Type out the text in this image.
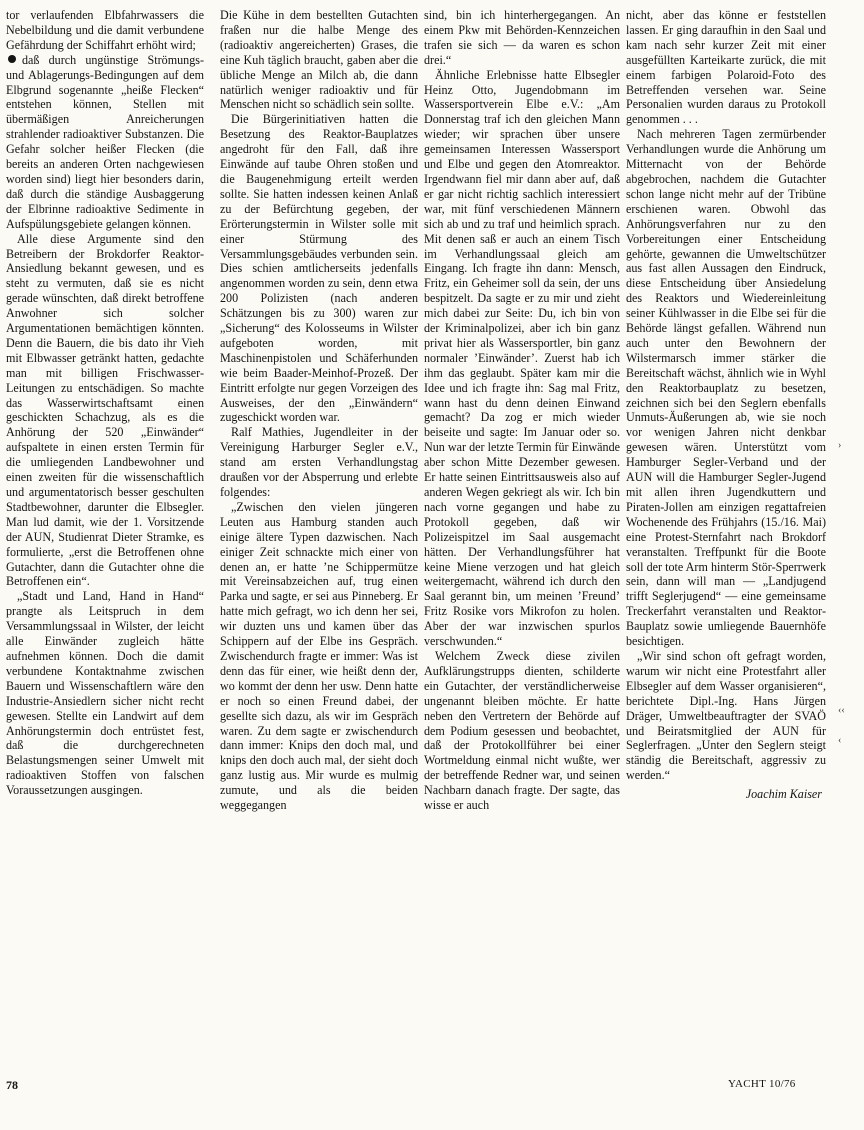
tor verlaufenden Elbfahrwassers die Nebelbildung und die damit verbundene Gefährdung der Schiffahrt erhöht wird;

daß durch ungünstige Strömungs- und Ablagerungs-Bedingungen auf dem Elbgrund sogenannte „heiße Flecken“ entstehen können, Stellen mit übermäßigen Anreicherungen strahlender radioaktiver Substanzen. Die Gefahr solcher heißer Flecken (die bereits an anderen Orten nachgewiesen worden sind) liegt hier besonders darin, daß durch die ständige Ausbaggerung der Elbrinne radioaktive Sedimente in Aufspülungsgebiete gelangen können.

Alle diese Argumente sind den Betreibern der Brokdorfer Reaktor-Ansiedlung bekannt gewesen, und es steht zu vermuten, daß sie es nicht gerade wünschten, daß direkt betroffene Anwohner sich solcher Argumentationen bemächtigen könnten. Denn die Bauern, die bis dato ihr Vieh mit Elbwasser getränkt hatten, gedachte man mit billigen Frischwasser-Leitungen zu entschädigen. So machte das Wasserwirtschaftsamt einen geschickten Schachzug, als es die Anhörung der 520 „Einwänder“ aufspaltete in einen ersten Termin für die umliegenden Landbewohner und einen zweiten für die wissenschaftlich und argumentatorisch besser geschulten Stadtbewohner, darunter die Elbsegler. Man lud damit, wie der 1. Vorsitzende der AUN, Studienrat Dieter Stramke, es formulierte, „erst die Betroffenen ohne Gutachter, dann die Gutachter ohne die Betroffenen ein“.

„Stadt und Land, Hand in Hand“ prangte als Leitspruch in dem Versammlungssaal in Wilster, der leicht alle Einwänder zugleich hätte aufnehmen können. Doch die damit verbundene Kontaktnahme zwischen Bauern und Wissenschaftlern wäre den Industrie-Ansiedlern sicher nicht recht gewesen. Stellte ein Landwirt auf dem Anhörungstermin doch entrüstet fest, daß die durchgerechneten Belastungsmengen seiner Umwelt mit radioaktiven Stoffen von falschen Voraussetzungen ausgingen.

Die Kühe in dem bestellten Gutachten fraßen nur die halbe Menge des (radioaktiv angereicherten) Grases, die eine Kuh täglich braucht, gaben aber die übliche Menge an Milch ab, die dann natürlich weniger radioaktiv und für Menschen nicht so schädlich sein sollte.

Die Bürgerinitiativen hatten die Besetzung des Reaktor-Bauplatzes angedroht für den Fall, daß ihre Einwände auf taube Ohren stoßen und die Baugenehmigung erteilt werden sollte. Sie hatten indessen keinen Anlaß zu der Befürchtung gegeben, der Erörterungstermin in Wilster solle mit einer Stürmung des Versammlungsgebäudes verbunden sein. Dies schien amtlicherseits jedenfalls angenommen worden zu sein, denn etwa 200 Polizisten (nach anderen Schätzungen bis zu 300) waren zur „Sicherung“ des Kolosseums in Wilster aufgeboten worden, mit Maschinenpistolen und Schäferhunden wie beim Baader-Meinhof-Prozeß. Der Eintritt erfolgte nur gegen Vorzeigen des Ausweises, der den „Einwändern“ zugeschickt worden war.

Ralf Mathies, Jugendleiter in der Vereinigung Harburger Segler e.V., stand am ersten Verhandlungstag draußen vor der Absperrung und erlebte folgendes:

„Zwischen den vielen jüngeren Leuten aus Hamburg standen auch einige ältere Typen dazwischen. Nach einiger Zeit schnackte mich einer von denen an, er hatte ’ne Schippermütze mit Vereinsabzeichen auf, trug einen Parka und sagte, er sei aus Pinneberg. Er hatte mich gefragt, wo ich denn her sei, wir duzten uns und kamen über das Schippern auf der Elbe ins Gespräch. Zwischendurch fragte er immer: Was ist denn das für einer, wie heißt denn der, wo kommt der denn her usw. Denn hatte er noch so einen Freund dabei, der gesellte sich dazu, als wir im Gespräch waren. Zu dem sagte er zwischendurch dann immer: Knips den doch mal, und knips den doch auch mal, der sieht doch ganz lustig aus. Mir wurde es mulmig zumute, und als die beiden weggegangen

sind, bin ich hinterhergegangen. An einem Pkw mit Behörden-Kennzeichen trafen sie sich — da waren es schon drei.“

Ähnliche Erlebnisse hatte Elbsegler Heinz Otto, Jugendobmann im Wassersportverein Elbe e.V.: „Am Donnerstag traf ich den gleichen Mann wieder; wir sprachen über unsere gemeinsamen Interessen Wassersport und Elbe und gegen den Atomreaktor. Irgendwann fiel mir dann aber auf, daß er gar nicht richtig sachlich interessiert war, mit fünf verschiedenen Männern sich ab und zu traf und heimlich sprach. Mit denen saß er auch an einem Tisch im Verhandlungssaal gleich am Eingang. Ich fragte ihn dann: Mensch, Fritz, ein Geheimer soll da sein, der uns bespitzelt. Da sagte er zu mir und zieht mich dabei zur Seite: Du, ich bin von der Kriminalpolizei, aber ich bin ganz privat hier als Wassersportler, bin ganz normaler ’Einwänder’. Zuerst hab ich ihm das geglaubt. Später kam mir die Idee und ich fragte ihn: Sag mal Fritz, wann hast du denn deinen Einwand gemacht? Da zog er mich wieder beiseite und sagte: Im Januar oder so. Nun war der letzte Termin für Einwände aber schon Mitte Dezember gewesen. Er hatte seinen Eintrittsausweis also auf anderen Wegen gekriegt als wir. Ich bin nach vorne gegangen und habe zu Protokoll gegeben, daß wir Polizeispitzel im Saal ausgemacht hätten. Der Verhandlungsführer hat keine Miene verzogen und hat gleich weitergemacht, während ich durch den Saal gerannt bin, um meinen ’Freund’ Fritz Rosike vors Mikrofon zu holen. Aber der war inzwischen spurlos verschwunden.“

Welchem Zweck diese zivilen Aufklärungstrupps dienten, schilderte ein Gutachter, der verständlicherweise ungenannt bleiben möchte. Er hatte neben den Vertretern der Behörde auf dem Podium gesessen und beobachtet, daß der Protokollführer bei einer Wortmeldung einmal nicht wußte, wer der betreffende Redner war, und seinen Nachbarn danach fragte. Der sagte, das wisse er auch

nicht, aber das könne er feststellen lassen. Er ging daraufhin in den Saal und kam nach sehr kurzer Zeit mit einer ausgefüllten Karteikarte zurück, die mit einem farbigen Polaroid-Foto des Betreffenden versehen war. Seine Personalien wurden daraus zu Protokoll genommen . . .

Nach mehreren Tagen zermürbender Verhandlungen wurde die Anhörung um Mitternacht von der Behörde abgebrochen, nachdem die Gutachter schon lange nicht mehr auf der Tribüne erschienen waren. Obwohl das Anhörungsverfahren nur zu den Vorbereitungen einer Entscheidung gehörte, gewannen die Umweltschützer aus fast allen Aussagen den Eindruck, diese Entscheidung über Ansiedelung des Reaktors und Wiedereinleitung seiner Kühlwasser in die Elbe sei für die Behörde längst gefallen. Während nun auch unter den Bewohnern der Wilstermarsch immer stärker die Bereitschaft wächst, ähnlich wie in Wyhl den Reaktorbauplatz zu besetzen, zeichnen sich bei den Seglern ebenfalls Unmuts-Äußerungen ab, wie sie noch vor wenigen Jahren nicht denkbar gewesen wären. Unterstützt vom Hamburger Segler-Verband und der AUN will die Hamburger Segler-Jugend mit allen ihren Jugendkuttern und Piraten-Jollen am einzigen regattafreien Wochenende des Frühjahrs (15./16. Mai) eine Protest-Sternfahrt nach Brokdorf veranstalten. Treffpunkt für die Boote soll der tote Arm hinterm Stör-Sperrwerk sein, dann will man — „Landjugend trifft Seglerjugend“ — eine gemeinsame Treckerfahrt veranstalten und Reaktor-Bauplatz sowie umliegende Bauernhöfe besichtigen.

„Wir sind schon oft gefragt worden, warum wir nicht eine Protestfahrt aller Elbsegler auf dem Wasser organisieren“, berichtete Dipl.-Ing. Hans Jürgen Dräger, Umweltbeauftragter der SVAÖ und Beiratsmitglied der AUN für Seglerfragen. „Unter den Seglern steigt ständig die Bereitschaft, aggressiv zu werden.“

Joachim Kaiser
›
‹‹
‹
78	YACHT 10/76
